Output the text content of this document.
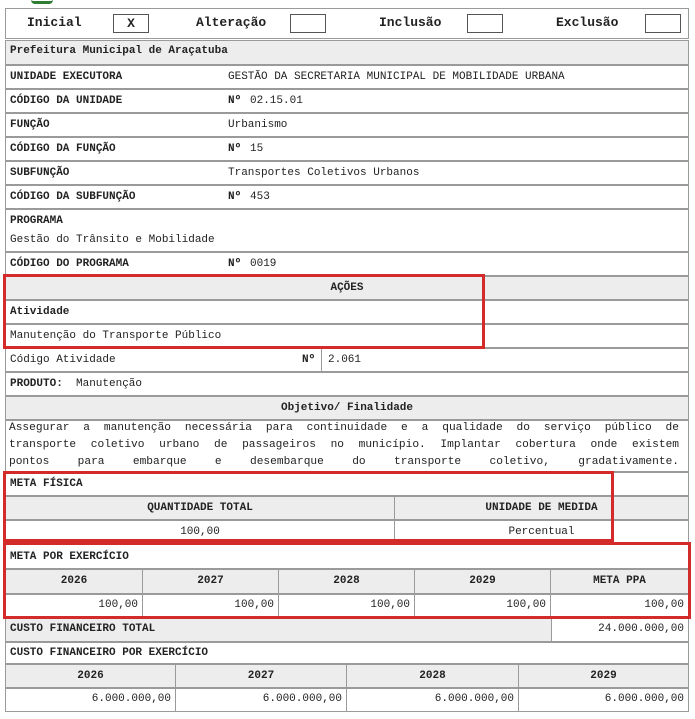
Inicial	X	Alteração	Inclusão	Exclusão
Prefeitura Municipal de Araçatuba
UNIDADE EXECUTORA	GESTÃO DA SECRETARIA MUNICIPAL DE MOBILIDADE URBANA
CÓDIGO DA UNIDADE	Nº 02.15.01
FUNÇÃO	Urbanismo
CÓDIGO DA FUNÇÃO	Nº 15
SUBFUNÇÃO	Transportes Coletivos Urbanos
CÓDIGO DA SUBFUNÇÃO	Nº 453
PROGRAMA
Gestão do Trânsito e Mobilidade
CÓDIGO DO PROGRAMA	Nº 0019
AÇÕES
Atividade
Manutenção do Transporte Público
Código Atividade	Nº 2.061
PRODUTO: Manutenção
Objetivo/ Finalidade
Assegurar a manutenção necessária para continuidade e a qualidade do serviço público de
transporte coletivo urbano de passageiros no município. Implantar cobertura onde existem
pontos para embarque e desembarque do transporte coletivo, gradativamente.
META FÍSICA
QUANTIDADE TOTAL	UNIDADE DE MEDIDA
100,00	Percentual
META POR EXERCÍCIO
2026	2027	2028	2029	META PPA
100,00	100,00	100,00	100,00	100,00
CUSTO FINANCEIRO TOTAL	24.000.000,00
CUSTO FINANCEIRO POR EXERCÍCIO
2026	2027	2028	2029
6.000.000,00	6.000.000,00	6.000.000,00	6.000.000,00
